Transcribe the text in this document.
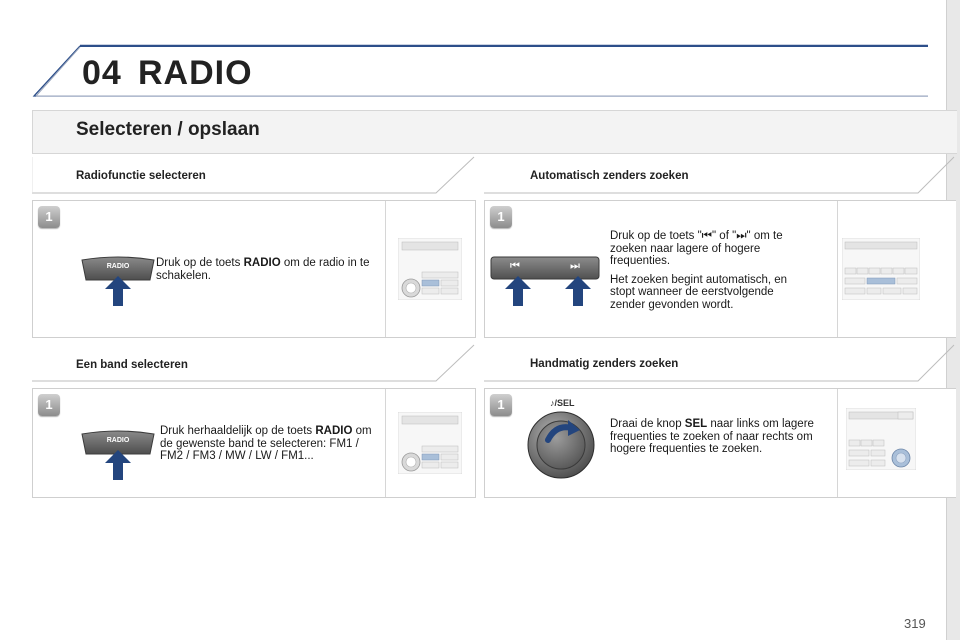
04 RADIO
Selecteren / opslaan
Radiofunctie selecteren
1
RADIO	Druk op de toets RADIO om de radio in te schakelen.
Een band selecteren
1
RADIO
Druk herhaaldelijk op de toets RADIO om de gewenste band te selecteren: FM1 / FM2 / FM3 / MW / LW / FM1...
Automatisch zenders zoeken
1
⏮	⏭

Druk op de toets "⏮" of "⏭" om te zoeken naar lagere of hogere frequenties.

Het zoeken begint automatisch, en stopt wanneer de eerstvolgende zender gevonden wordt.

Handmatig zenders zoeken
1	♪/SEL
Draai de knop SEL naar links om lagere frequenties te zoeken of naar rechts om hogere frequenties te zoeken.
319
